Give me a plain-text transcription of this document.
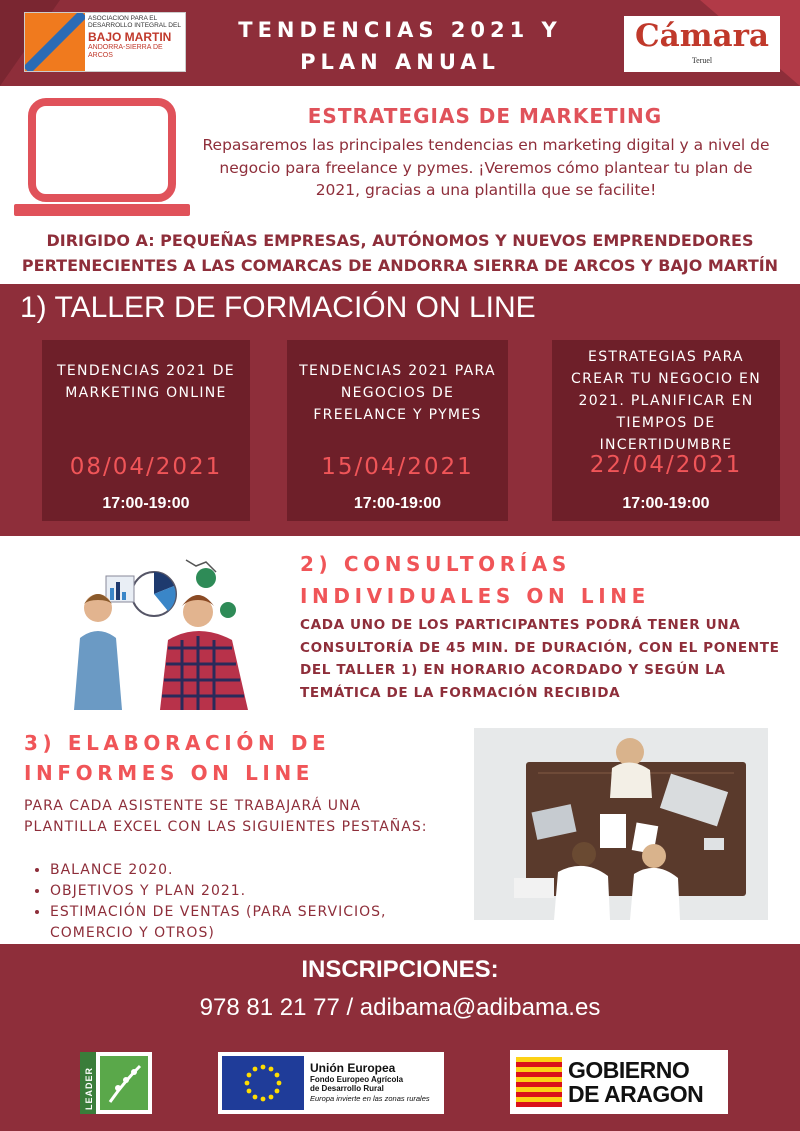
ASOCIACION PARA EL
DESARROLLO INTEGRAL DEL
BAJO MARTIN
ANDORRA-SIERRA DE ARCOS
TENDENCIAS 2021 Y
PLAN ANUAL
Cámara
Teruel
ESTRATEGIAS DE MARKETING
Repasaremos las principales tendencias en marketing digital y a nivel de negocio para freelance y pymes. ¡Veremos cómo plantear tu plan de 2021, gracias a una plantilla que se facilite!
DIRIGIDO A: PEQUEÑAS EMPRESAS, AUTÓNOMOS Y NUEVOS EMPRENDEDORES
PERTENECIENTES A LAS COMARCAS DE ANDORRA SIERRA DE ARCOS Y BAJO MARTÍN
1) TALLER DE FORMACIÓN ON LINE
TENDENCIAS 2021 DE MARKETING ONLINE
08/04/2021
17:00-19:00
TENDENCIAS 2021 PARA NEGOCIOS DE FREELANCE Y PYMES
15/04/2021
17:00-19:00
ESTRATEGIAS PARA CREAR TU NEGOCIO EN 2021. PLANIFICAR EN TIEMPOS DE INCERTIDUMBRE
22/04/2021
17:00-19:00
2) CONSULTORÍAS
INDIVIDUALES ON LINE
CADA UNO DE LOS PARTICIPANTES PODRÁ TENER UNA CONSULTORÍA DE 45 MIN. DE DURACIÓN, CON EL PONENTE DEL TALLER 1) EN HORARIO ACORDADO Y SEGÚN LA TEMÁTICA DE LA FORMACIÓN RECIBIDA
3) ELABORACIÓN DE
INFORMES ON LINE
PARA CADA ASISTENTE SE TRABAJARÁ UNA PLANTILLA EXCEL CON LAS SIGUIENTES PESTAÑAS:
• BALANCE 2020.
• OBJETIVOS Y PLAN 2021.
• ESTIMACIÓN DE VENTAS (PARA SERVICIOS, COMERCIO Y OTROS)
INSCRIPCIONES:
978 81 21 77 / adibama@adibama.es
LEADER	Unión Europea
Fondo Europeo Agrícola
de Desarrollo Rural
Europa invierte en las zonas rurales
GOBIERNO
DE ARAGON
